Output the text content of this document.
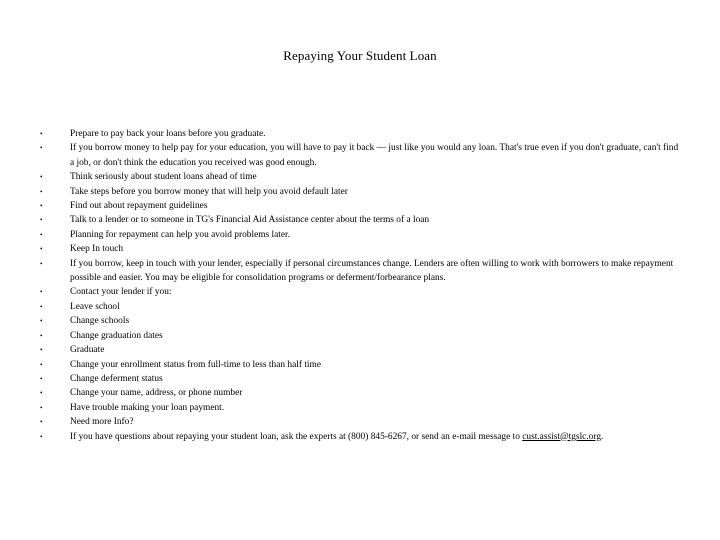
Repaying Your Student Loan
•	Prepare to pay back your loans before you graduate.
•	If you borrow money to help pay for your education, you will have to pay it back — just like you would any loan. That's true even if you don't graduate, can't find a job, or don't think the education you received was good enough.
•	Think seriously about student loans ahead of time
•	Take steps before you borrow money that will help you avoid default later
•	Find out about repayment guidelines
•	Talk to a lender or to someone in TG's Financial Aid Assistance center about the terms of a loan
•	Planning for repayment can help you avoid problems later.
•	Keep In touch
•	If you borrow, keep in touch with your lender, especially if personal circumstances change. Lenders are often willing to work with borrowers to make repayment possible and easier. You may be eligible for consolidation programs or deferment/forbearance plans.
•	Contact your lender if you:
•	Leave school
•	Change schools
•	Change graduation dates
•	Graduate
•	Change your enrollment status from full-time to less than half time
•	Change deferment status
•	Change your name, address, or phone number
•	Have trouble making your loan payment.
•	Need more Info?
•	If you have questions about repaying your student loan, ask the experts at (800) 845-6267, or send an e-mail message to cust.assist@tgslc.org.
